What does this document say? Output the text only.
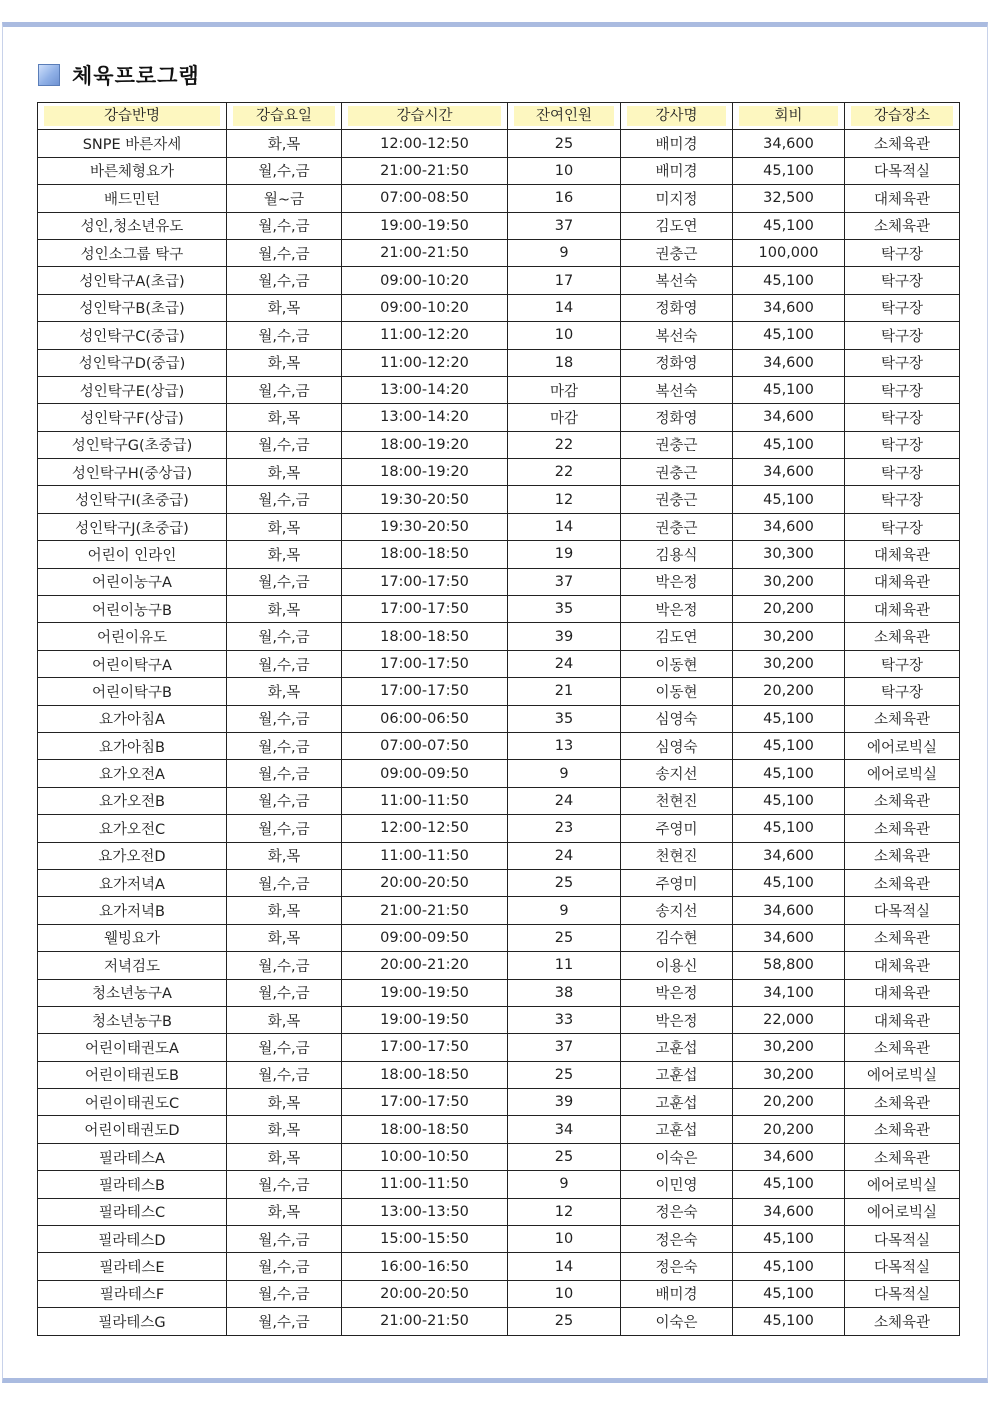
체육프로그램
강습반명	강습요일	강습시간	잔여인원	강사명	회비	강습장소

SNPE 바른자세	화,목	12:00-12:50	25	배미경	34,600	소체육관
바른체형요가	월,수,금	21:00-21:50	10	배미경	45,100	다목적실
배드민턴	월~금	07:00-08:50	16	미지정	32,500	대체육관
성인,청소년유도	월,수,금	19:00-19:50	37	김도연	45,100	소체육관
성인소그룹 탁구	월,수,금	21:00-21:50	9	권충근	100,000	탁구장
성인탁구A(초급)	월,수,금	09:00-10:20	17	복선숙	45,100	탁구장
성인탁구B(초급)	화,목	09:00-10:20	14	정화영	34,600	탁구장
성인탁구C(중급)	월,수,금	11:00-12:20	10	복선숙	45,100	탁구장
성인탁구D(중급)	화,목	11:00-12:20	18	정화영	34,600	탁구장
성인탁구E(상급)	월,수,금	13:00-14:20	마감	복선숙	45,100	탁구장
성인탁구F(상급)	화,목	13:00-14:20	마감	정화영	34,600	탁구장
성인탁구G(초중급)	월,수,금	18:00-19:20	22	권충근	45,100	탁구장
성인탁구H(중상급)	화,목	18:00-19:20	22	권충근	34,600	탁구장
성인탁구I(초중급)	월,수,금	19:30-20:50	12	권충근	45,100	탁구장
성인탁구J(초중급)	화,목	19:30-20:50	14	권충근	34,600	탁구장
어린이 인라인	화,목	18:00-18:50	19	김용식	30,300	대체육관
어린이농구A	월,수,금	17:00-17:50	37	박은정	30,200	대체육관
어린이농구B	화,목	17:00-17:50	35	박은정	20,200	대체육관
어린이유도	월,수,금	18:00-18:50	39	김도연	30,200	소체육관
어린이탁구A	월,수,금	17:00-17:50	24	이동현	30,200	탁구장
어린이탁구B	화,목	17:00-17:50	21	이동현	20,200	탁구장
요가아침A	월,수,금	06:00-06:50	35	심영숙	45,100	소체육관
요가아침B	월,수,금	07:00-07:50	13	심영숙	45,100	에어로빅실
요가오전A	월,수,금	09:00-09:50	9	송지선	45,100	에어로빅실
요가오전B	월,수,금	11:00-11:50	24	천현진	45,100	소체육관
요가오전C	월,수,금	12:00-12:50	23	주영미	45,100	소체육관
요가오전D	화,목	11:00-11:50	24	천현진	34,600	소체육관
요가저녁A	월,수,금	20:00-20:50	25	주영미	45,100	소체육관
요가저녁B	화,목	21:00-21:50	9	송지선	34,600	다목적실
웰빙요가	화,목	09:00-09:50	25	김수현	34,600	소체육관
저녁검도	월,수,금	20:00-21:20	11	이용신	58,800	대체육관
청소년농구A	월,수,금	19:00-19:50	38	박은정	34,100	대체육관
청소년농구B	화,목	19:00-19:50	33	박은정	22,000	대체육관
어린이태권도A	월,수,금	17:00-17:50	37	고훈섭	30,200	소체육관
어린이태권도B	월,수,금	18:00-18:50	25	고훈섭	30,200	에어로빅실
어린이태권도C	화,목	17:00-17:50	39	고훈섭	20,200	소체육관
어린이태권도D	화,목	18:00-18:50	34	고훈섭	20,200	소체육관
필라테스A	화,목	10:00-10:50	25	이숙은	34,600	소체육관
필라테스B	월,수,금	11:00-11:50	9	이민영	45,100	에어로빅실
필라테스C	화,목	13:00-13:50	12	정은숙	34,600	에어로빅실
필라테스D	월,수,금	15:00-15:50	10	정은숙	45,100	다목적실
필라테스E	월,수,금	16:00-16:50	14	정은숙	45,100	다목적실
필라테스F	월,수,금	20:00-20:50	10	배미경	45,100	다목적실
필라테스G	월,수,금	21:00-21:50	25	이숙은	45,100	소체육관
